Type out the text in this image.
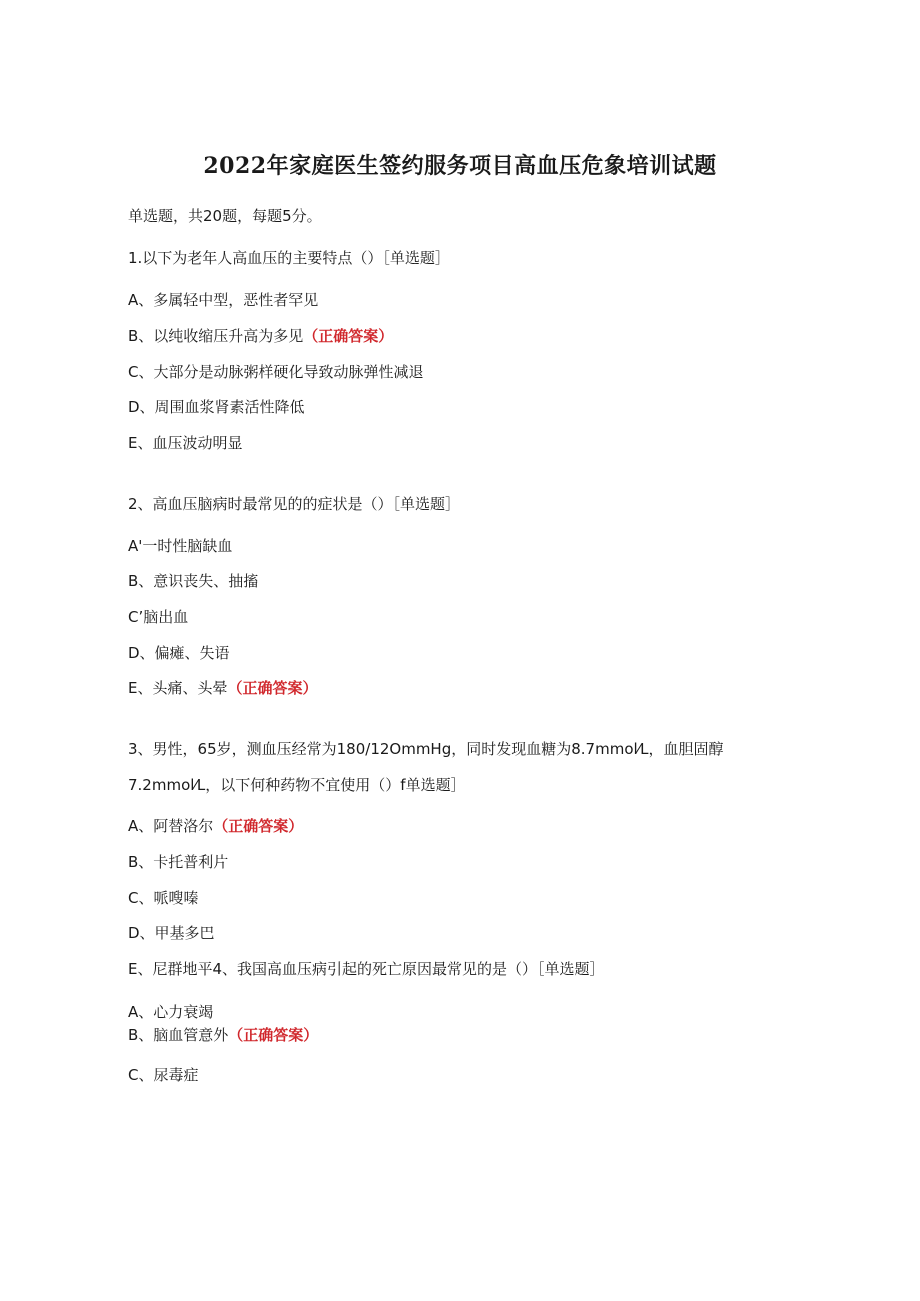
2022年家庭医生签约服务项目高血压危象培训试题
单选题，共20题，每题5分。
1.以下为老年人高血压的主要特点（）［单选题］
A、多属轻中型，恶性者罕见
B、以纯收缩压升高为多见（正确答案）
C、大部分是动脉粥样硬化导致动脉弹性减退
D、周围血浆肾素活性降低
E、血压波动明显
2、高血压脑病时最常见的的症状是（）［单选题］
A'一时性脑缺血
B、意识丧失、抽搐
C’脑出血
D、偏瘫、失语
E、头痛、头晕（正确答案）
3、男性，65岁，测血压经常为180/12OmmHg，同时发现血糖为8.7mmol⁄L，血胆固醇
7.2mmol⁄L，以下何种药物不宜使用（）f单选题］
A、阿替洛尔（正确答案）
B、卡托普利片
C、哌嗖嗪
D、甲基多巴
E、尼群地平4、我国高血压病引起的死亡原因最常见的是（）［单选题］
A、心力衰竭
B、脑血管意外（正确答案）
C、尿毒症
